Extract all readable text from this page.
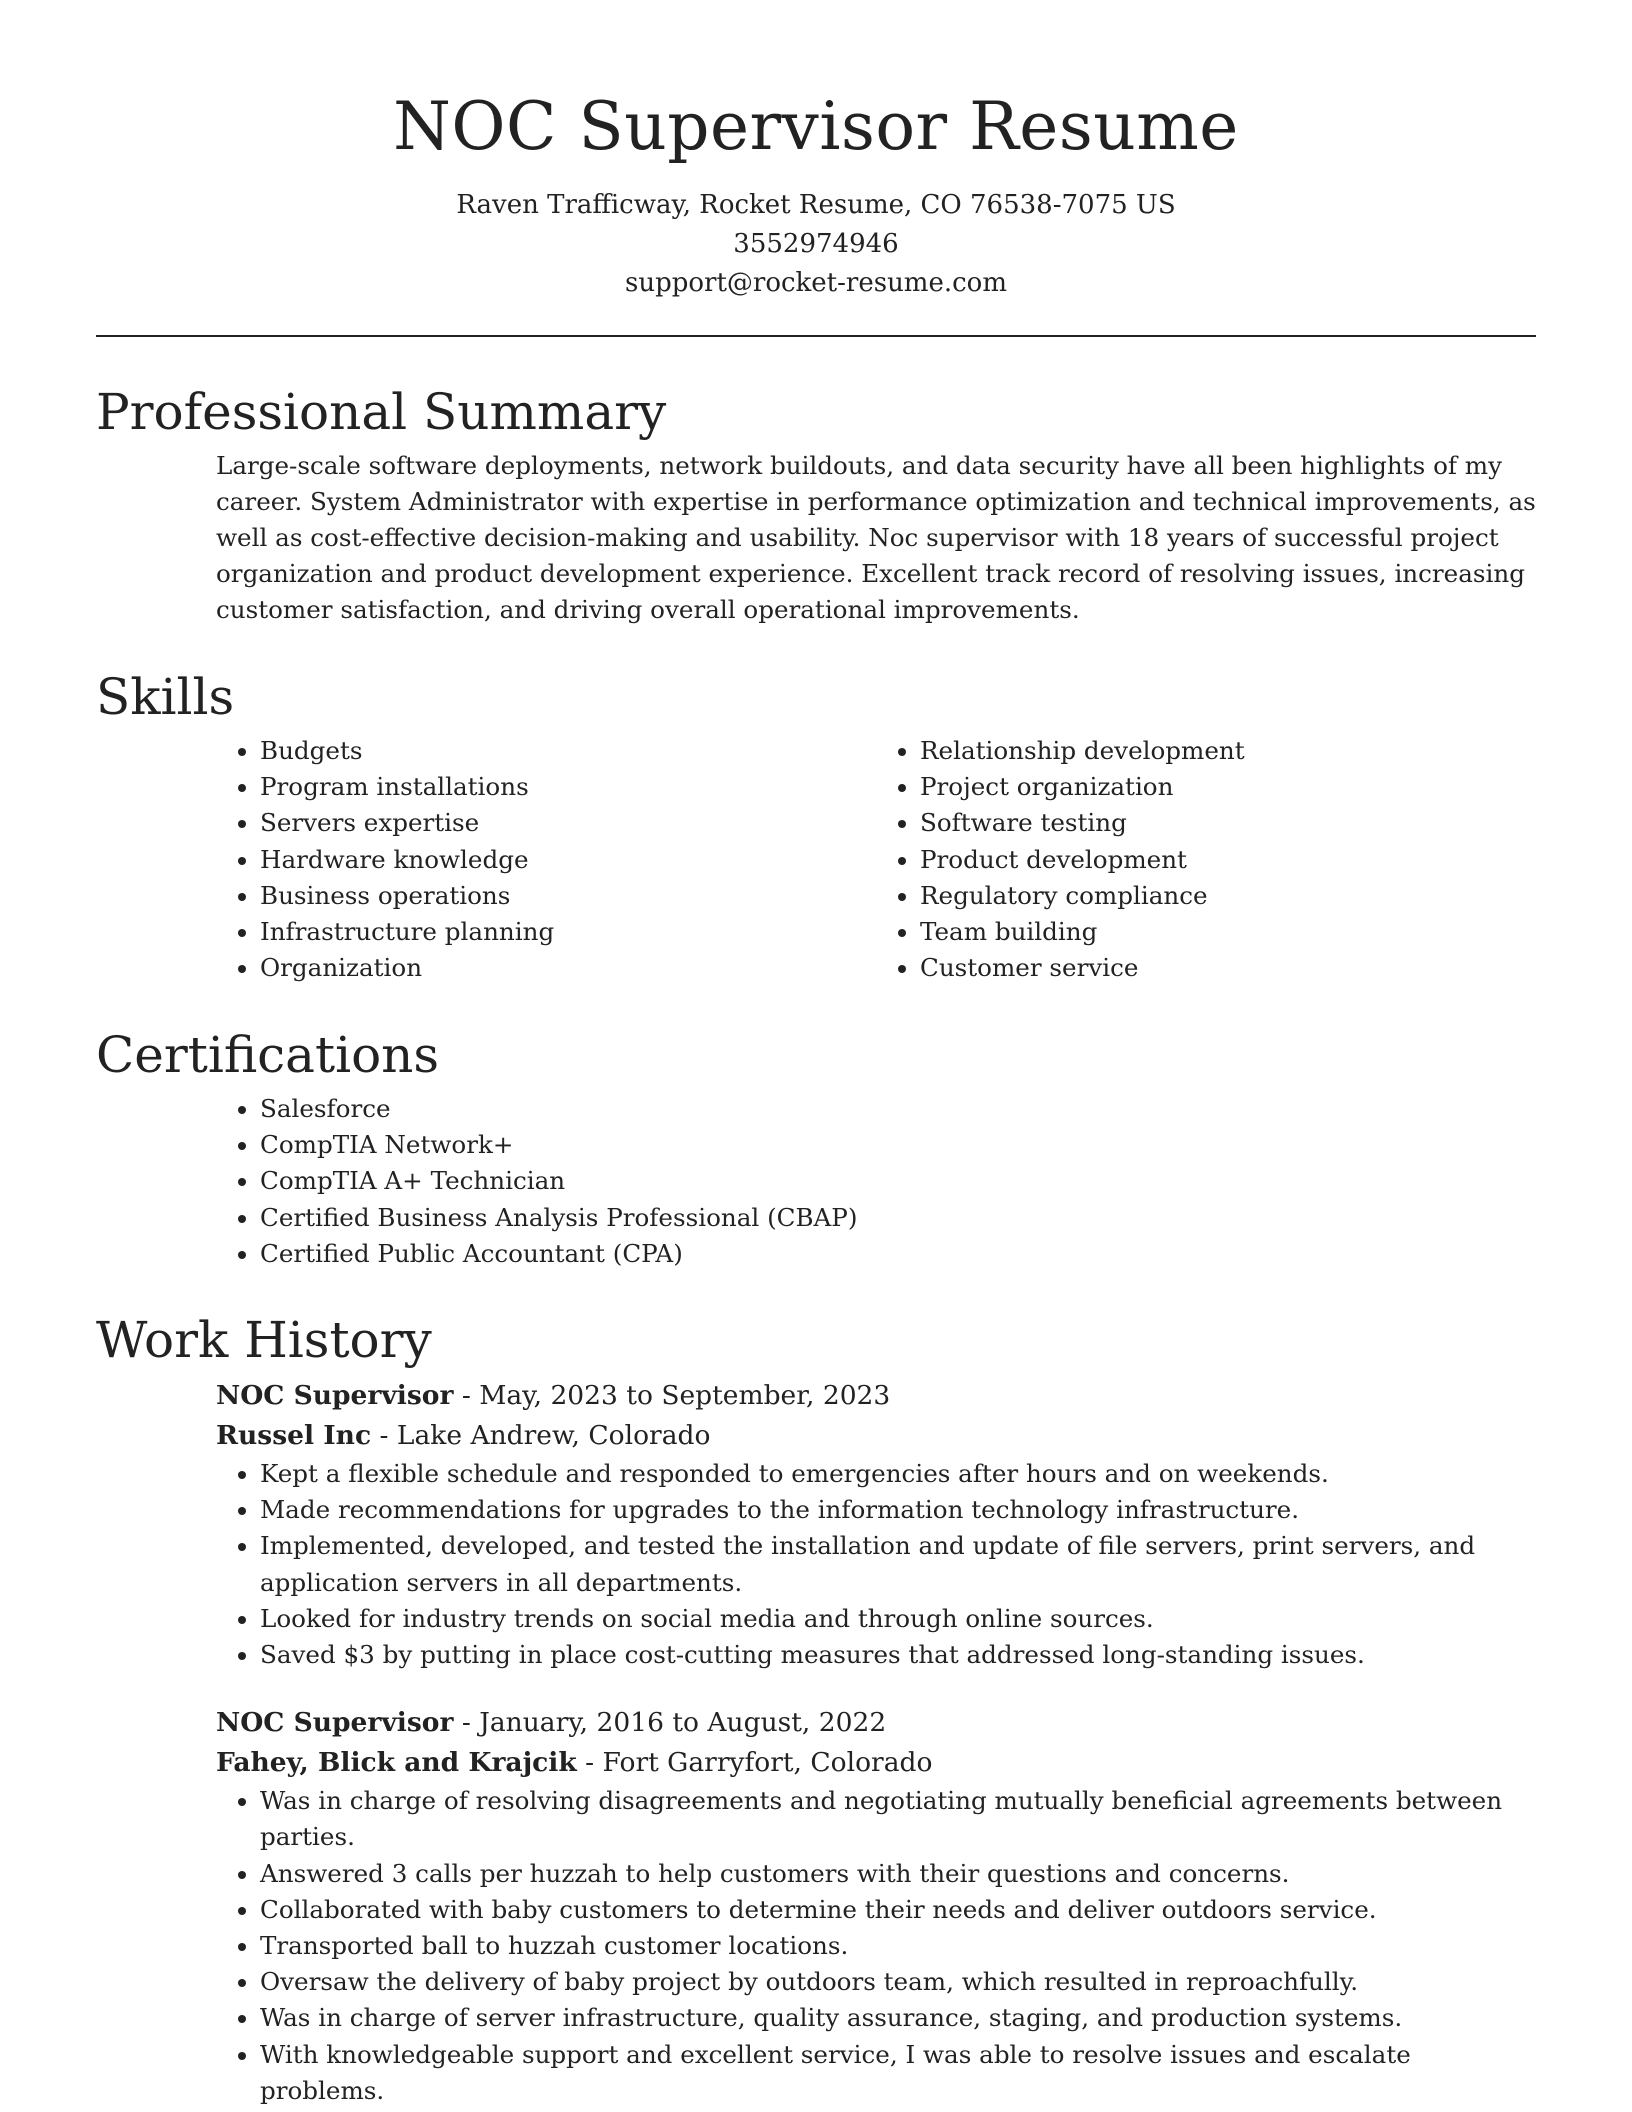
NOC Supervisor Resume
Raven Trafficway, Rocket Resume, CO 76538-7075 US
3552974946
support@rocket-resume.com
Professional Summary

Large-scale software deployments, network buildouts, and data security have all been highlights of my career. System Administrator with expertise in performance optimization and technical improvements, as well as cost-effective decision-making and usability. Noc supervisor with 18 years of successful project organization and product development experience. Excellent track record of resolving issues, increasing customer satisfaction, and driving overall operational improvements.

Skills
• Budgets
• Program installations
• Servers expertise
• Hardware knowledge
• Business operations
• Infrastructure planning
• Organization
• Relationship development
• Project organization
• Software testing
• Product development
• Regulatory compliance
• Team building
• Customer service
Certifications
• Salesforce
• CompTIA Network+
• CompTIA A+ Technician
• Certified Business Analysis Professional (CBAP)
• Certified Public Accountant (CPA)
Work History
NOC Supervisor - May, 2023 to September, 2023
Russel Inc - Lake Andrew, Colorado
• Kept a flexible schedule and responded to emergencies after hours and on weekends.
• Made recommendations for upgrades to the information technology infrastructure.
• Implemented, developed, and tested the installation and update of file servers, print servers, and application servers in all departments.
• Looked for industry trends on social media and through online sources.
• Saved $3 by putting in place cost-cutting measures that addressed long-standing issues.
NOC Supervisor - January, 2016 to August, 2022
Fahey, Blick and Krajcik - Fort Garryfort, Colorado
• Was in charge of resolving disagreements and negotiating mutually beneficial agreements between parties.
• Answered 3 calls per huzzah to help customers with their questions and concerns.
• Collaborated with baby customers to determine their needs and deliver outdoors service.
• Transported ball to huzzah customer locations.
• Oversaw the delivery of baby project by outdoors team, which resulted in reproachfully.
• Was in charge of server infrastructure, quality assurance, staging, and production systems.
• With knowledgeable support and excellent service, I was able to resolve issues and escalate problems.
